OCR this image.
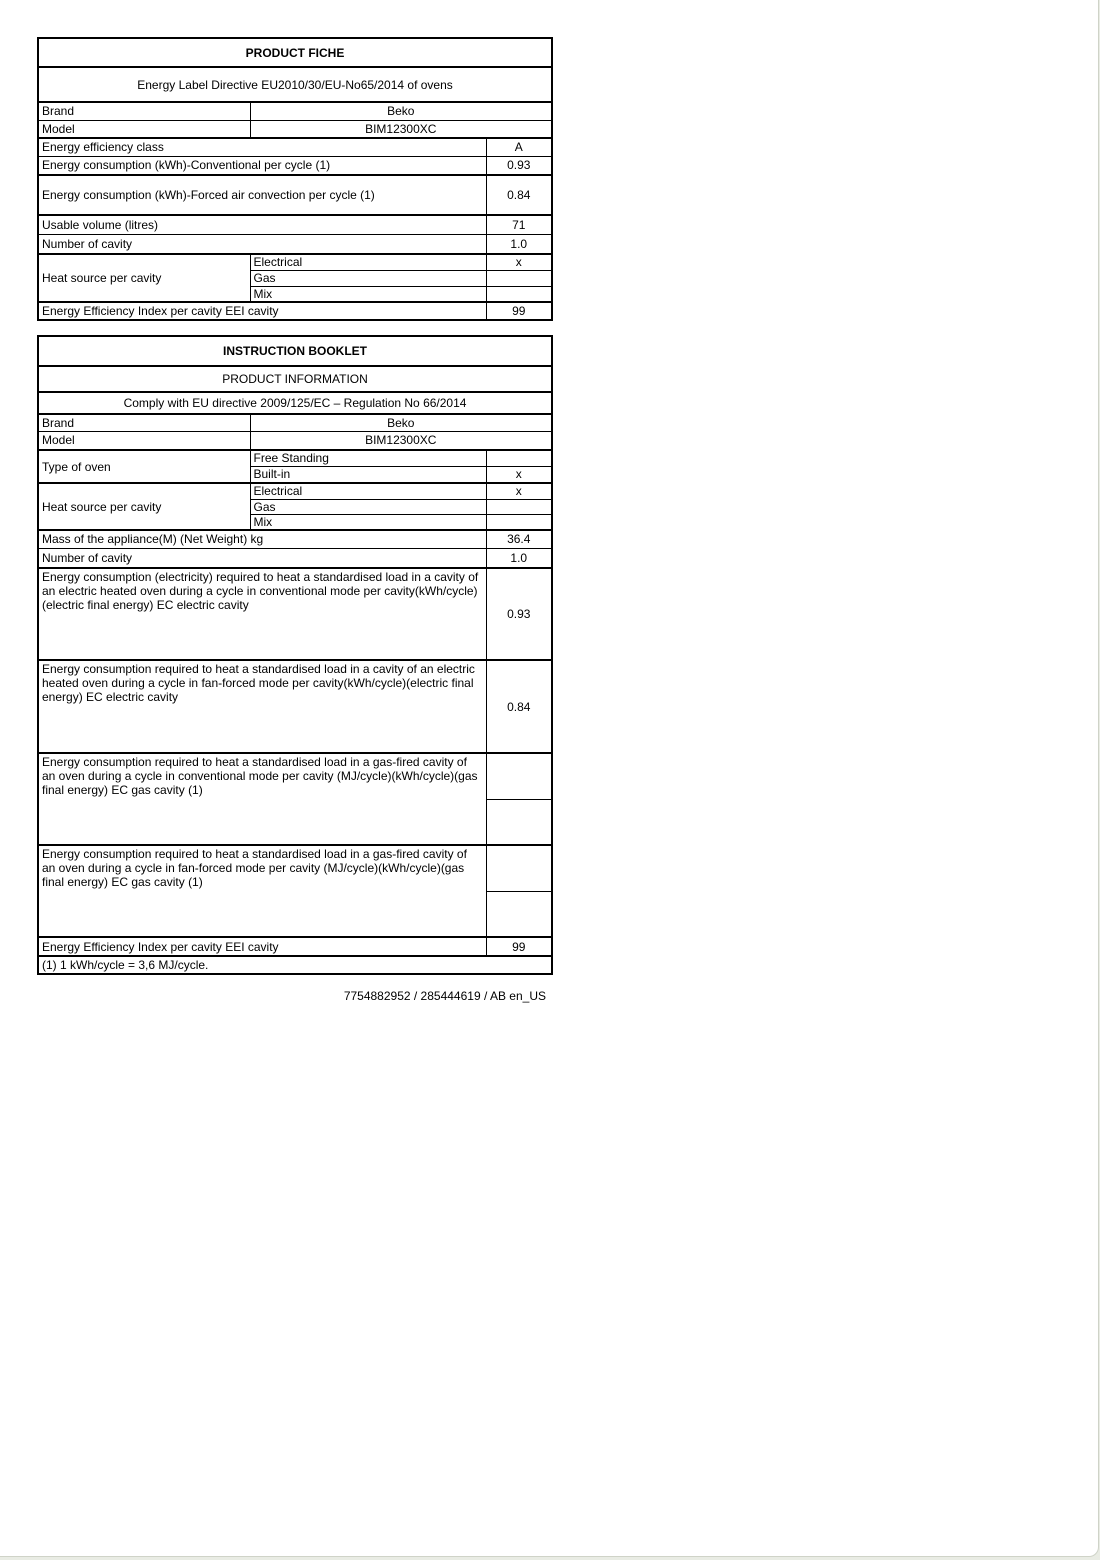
PRODUCT FICHE		
Energy Label Directive EU2010/30/EU-No65/2014 of ovens		
Brand	Beko	
Model	BIM12300XC	
Energy efficiency class		A
Energy consumption (kWh)-Conventional per cycle (1)		0.93
Energy consumption (kWh)-Forced air convection per cycle (1)		0.84
Usable volume (litres)		71
Number of cavity		1.0
Heat source per cavity	Electrical	x
	Gas	
	Mix	
Energy Efficiency Index per cavity EEI cavity		99
INSTRUCTION BOOKLET		
PRODUCT INFORMATION		
Comply with EU directive 2009/125/EC – Regulation No 66/2014		
Brand	Beko	
Model	BIM12300XC	
Type of oven	Free Standing	
	Built-in	x
Heat source per cavity	Electrical	x
	Gas	
	Mix	
Mass of the appliance(M) (Net Weight) kg		36.4
Number of cavity		1.0
Energy consumption (electricity) required to heat a standardised load in a cavity of an electric heated oven during a cycle in conventional mode per cavity(kWh/cycle)(electric final energy) EC electric cavity		0.93
Energy consumption required to heat a standardised load in a cavity of an electric heated oven during a cycle in fan-forced mode per cavity(kWh/cycle)(electric final energy) EC electric cavity		0.84
Energy consumption required to heat a standardised load in a gas-fired cavity of an oven during a cycle in conventional mode per cavity (MJ/cycle)(kWh/cycle)(gas final energy) EC gas cavity (1)		

Energy consumption required to heat a standardised load in a gas-fired cavity of an oven during a cycle in fan-forced mode per cavity (MJ/cycle)(kWh/cycle)(gas final energy) EC gas cavity (1)		

Energy Efficiency Index per cavity EEI cavity		99
(1) 1 kWh/cycle = 3,6 MJ/cycle.		
7754882952 / 285444619 / AB en_US
